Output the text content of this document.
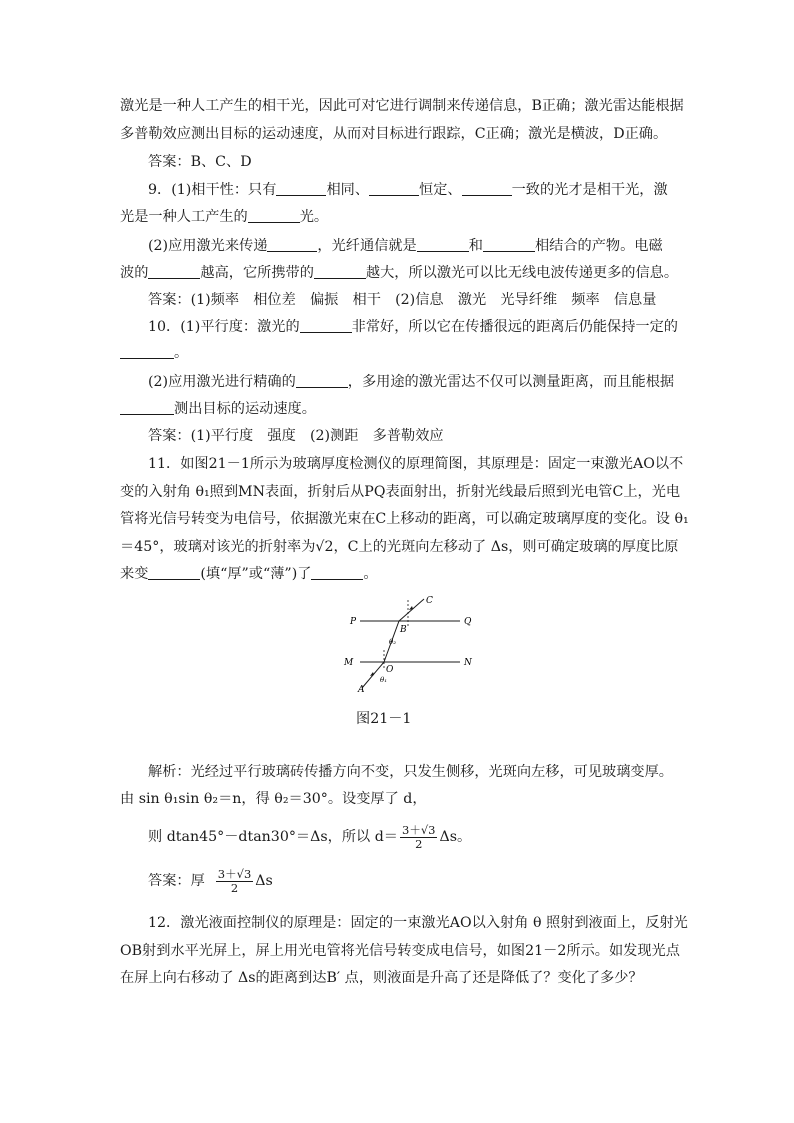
激光是一种人工产生的相干光，因此可对它进行调制来传递信息，B正确；激光雷达能根据
多普勒效应测出目标的运动速度，从而对目标进行跟踪，C正确；激光是横波，D正确。
答案：B、C、D
9．(1)相干性：只有	相同、	恒定、	一致的光才是相干光，激
光是一种人工产生的	光。
(2)应用激光来传递	，光纤通信就是	和	相结合的产物。电磁
波的	越高，它所携带的	越大，所以激光可以比无线电波传递更多的信息。
答案：(1)频率　相位差　偏振　相干　(2)信息　激光　光导纤维　频率　信息量
10．(1)平行度：激光的	非常好，所以它在传播很远的距离后仍能保持一定的
。
(2)应用激光进行精确的	，多用途的激光雷达不仅可以测量距离，而且能根据
测出目标的运动速度。
答案：(1)平行度　强度　(2)测距　多普勒效应
11．如图21－1所示为玻璃厚度检测仪的原理简图，其原理是：固定一束激光AO以不
变的入射角 θ₁照到MN表面，折射后从PQ表面射出，折射光线最后照到光电管C上，光电
管将光信号转变为电信号，依据激光束在C上移动的距离，可以确定玻璃厚度的变化。设 θ₁
＝45°，玻璃对该光的折射率为√2，C上的光斑向左移动了 Δs，则可确定玻璃的厚度比原
来变	(填“厚”或“薄”)了	。
P	Q
M	N
A
O
B
C
θ₁
θ₂
图21－1
解析：光经过平行玻璃砖传播方向不变，只发生侧移，光斑向左移，可见玻璃变厚。
由 sin θ₁sin θ₂＝n，得 θ₂＝30°。设变厚了 d，
则 dtan45°－dtan30°＝Δs，所以 $d= \frac{3+√3}{2}$ Δs。
答案：厚 $\frac{3+√3}{2}$ Δs
12．激光液面控制仪的原理是：固定的一束激光AO以入射角 θ 照射到液面上，反射光
OB射到水平光屏上，屏上用光电管将光信号转变成电信号，如图21－2所示。如发现光点
在屏上向右移动了 Δs的距离到达B′ 点，则液面是升高了还是降低了？变化了多少？
